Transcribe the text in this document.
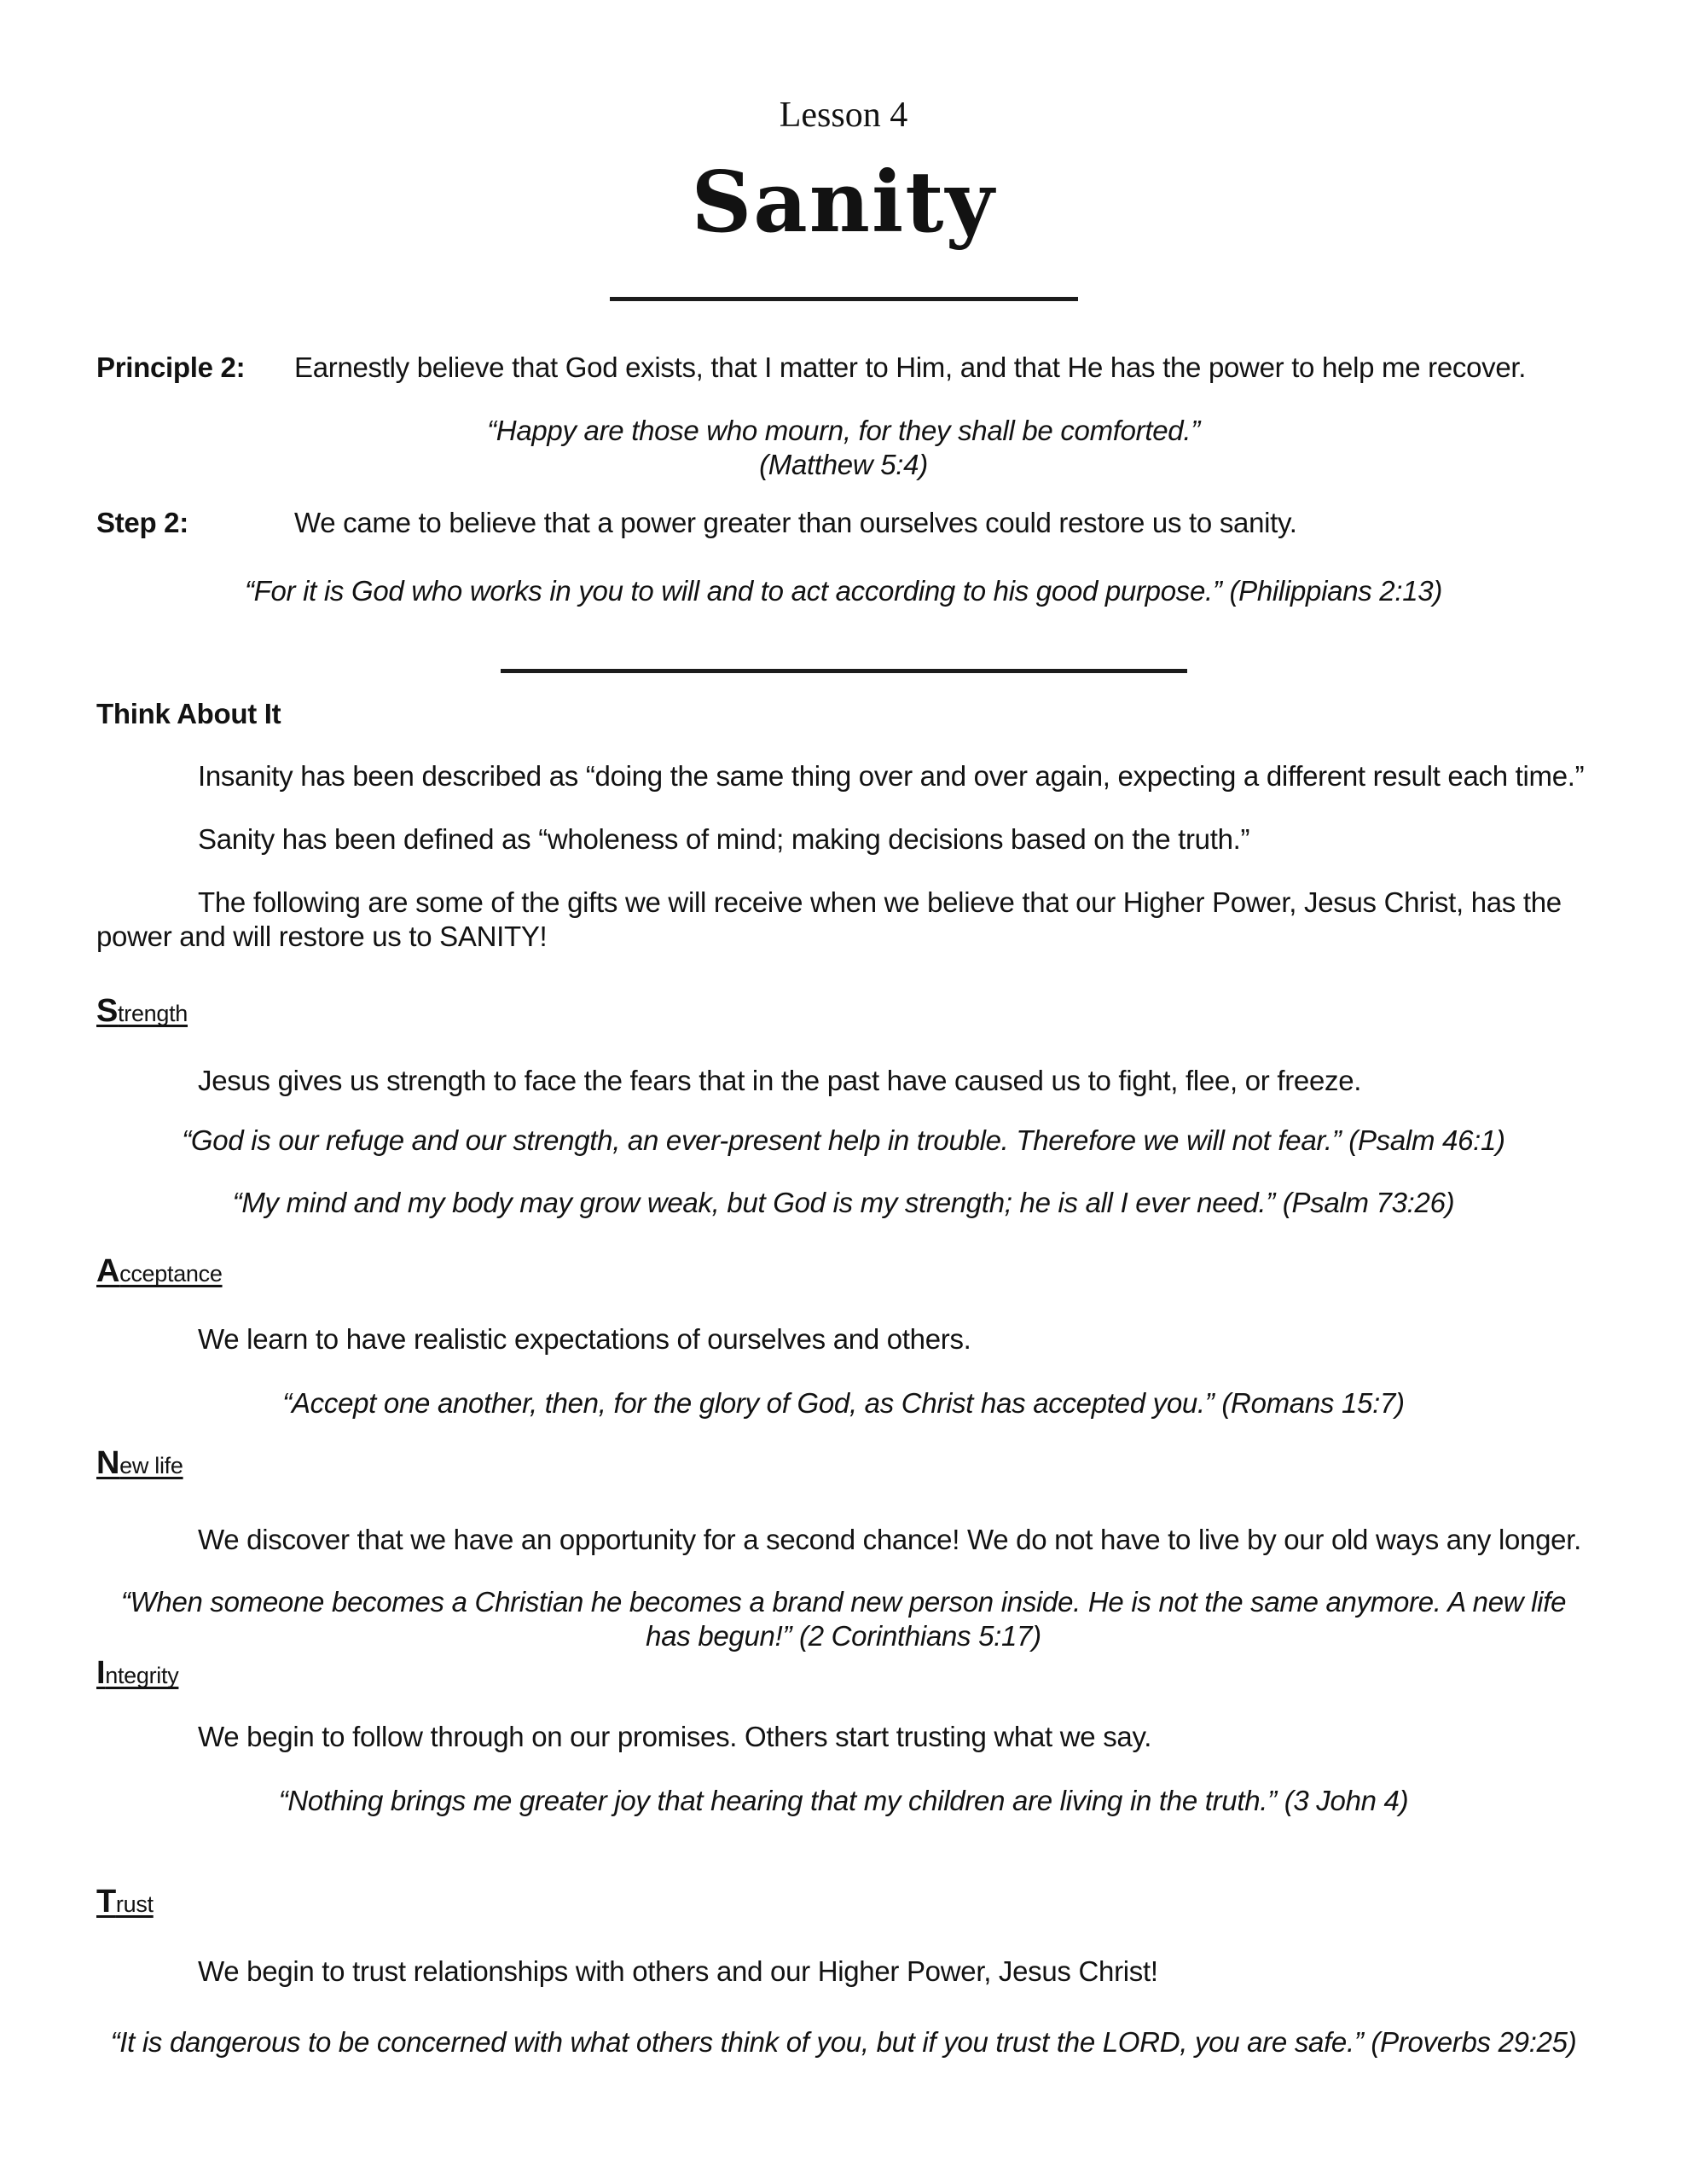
Lesson 4
Sanity
Principle 2:	Earnestly believe that God exists, that I matter to Him, and that He has the power to help me recover.

“Happy are those who mourn, for they shall be comforted.”

(Matthew 5:4)

Step 2:	We came to believe that a power greater than ourselves could restore us to sanity.

“For it is God who works in you to will and to act according to his good purpose.” (Philippians 2:13)

Think About It

Insanity has been described as “doing the same thing over and over again, expecting a different result each time.”

Sanity has been defined as “wholeness of mind; making decisions based on the truth.”

The following are some of the gifts we will receive when we believe that our Higher Power, Jesus Christ, has the

power and will restore us to SANITY!

Strength

Jesus gives us strength to face the fears that in the past have caused us to fight, flee, or freeze.

“God is our refuge and our strength, an ever-present help in trouble. Therefore we will not fear.” (Psalm 46:1)

“My mind and my body may grow weak, but God is my strength; he is all I ever need.” (Psalm 73:26)

Acceptance

We learn to have realistic expectations of ourselves and others.

“Accept one another, then, for the glory of God, as Christ has accepted you.” (Romans 15:7)

New life

We discover that we have an opportunity for a second chance! We do not have to live by our old ways any longer.

“When someone becomes a Christian he becomes a brand new person inside. He is not the same anymore. A new life

has begun!” (2 Corinthians 5:17)

Integrity

We begin to follow through on our promises. Others start trusting what we say.

“Nothing brings me greater joy that hearing that my children are living in the truth.” (3 John 4)

Trust

We begin to trust relationships with others and our Higher Power, Jesus Christ!

“It is dangerous to be concerned with what others think of you, but if you trust the LORD, you are safe.” (Proverbs 29:25)
